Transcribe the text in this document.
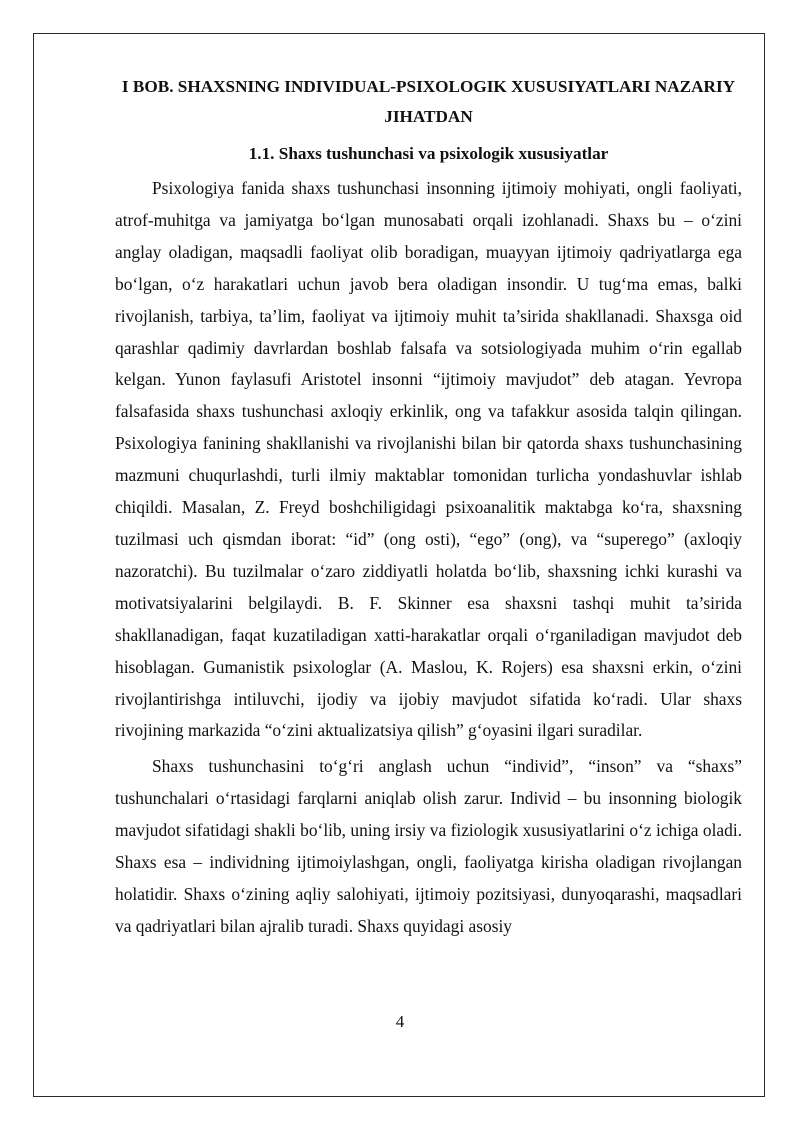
I BOB. SHAXSNING INDIVIDUAL-PSIXOLOGIK XUSUSIYATLARI NAZARIY JIHATDAN
1.1. Shaxs tushunchasi va psixologik xususiyatlar

Psixologiya fanida shaxs tushunchasi insonning ijtimoiy mohiyati, ongli faoliyati, atrof-muhitga va jamiyatga bo‘lgan munosabati orqali izohlanadi. Shaxs bu – o‘zini anglay oladigan, maqsadli faoliyat olib boradigan, muayyan ijtimoiy qadriyatlarga ega bo‘lgan, o‘z harakatlari uchun javob bera oladigan insondir. U tug‘ma emas, balki rivojlanish, tarbiya, ta’lim, faoliyat va ijtimoiy muhit ta’sirida shakllanadi. Shaxsga oid qarashlar qadimiy davrlardan boshlab falsafa va sotsiologiyada muhim o‘rin egallab kelgan. Yunon faylasufi Aristotel insonni “ijtimoiy mavjudot” deb atagan. Yevropa falsafasida shaxs tushunchasi axloqiy erkinlik, ong va tafakkur asosida talqin qilingan. Psixologiya fanining shakllanishi va rivojlanishi bilan bir qatorda shaxs tushunchasining mazmuni chuqurlashdi, turli ilmiy maktablar tomonidan turlicha yondashuvlar ishlab chiqildi. Masalan, Z. Freyd boshchiligidagi psixoanalitik maktabga ko‘ra, shaxsning tuzilmasi uch qismdan iborat: “id” (ong osti), “ego” (ong), va “superego” (axloqiy nazoratchi). Bu tuzilmalar o‘zaro ziddiyatli holatda bo‘lib, shaxsning ichki kurashi va motivatsiyalarini belgilaydi. B. F. Skinner esa shaxsni tashqi muhit ta’sirida shakllanadigan, faqat kuzatiladigan xatti-harakatlar orqali o‘rganiladigan mavjudot deb hisoblagan. Gumanistik psixologlar (A. Maslou, K. Rojers) esa shaxsni erkin, o‘zini rivojlantirishga intiluvchi, ijodiy va ijobiy mavjudot sifatida ko‘radi. Ular shaxs rivojining markazida “o‘zini aktualizatsiya qilish” g‘oyasini ilgari suradilar.

Shaxs tushunchasini to‘g‘ri anglash uchun “individ”, “inson” va “shaxs” tushunchalari o‘rtasidagi farqlarni aniqlab olish zarur. Individ – bu insonning biologik mavjudot sifatidagi shakli bo‘lib, uning irsiy va fiziologik xususiyatlarini o‘z ichiga oladi. Shaxs esa – individning ijtimoiylashgan, ongli, faoliyatga kirisha oladigan rivojlangan holatidir. Shaxs o‘zining aqliy salohiyati, ijtimoiy pozitsiyasi, dunyoqarashi, maqsadlari va qadriyatlari bilan ajralib turadi. Shaxs quyidagi asosiy

4
